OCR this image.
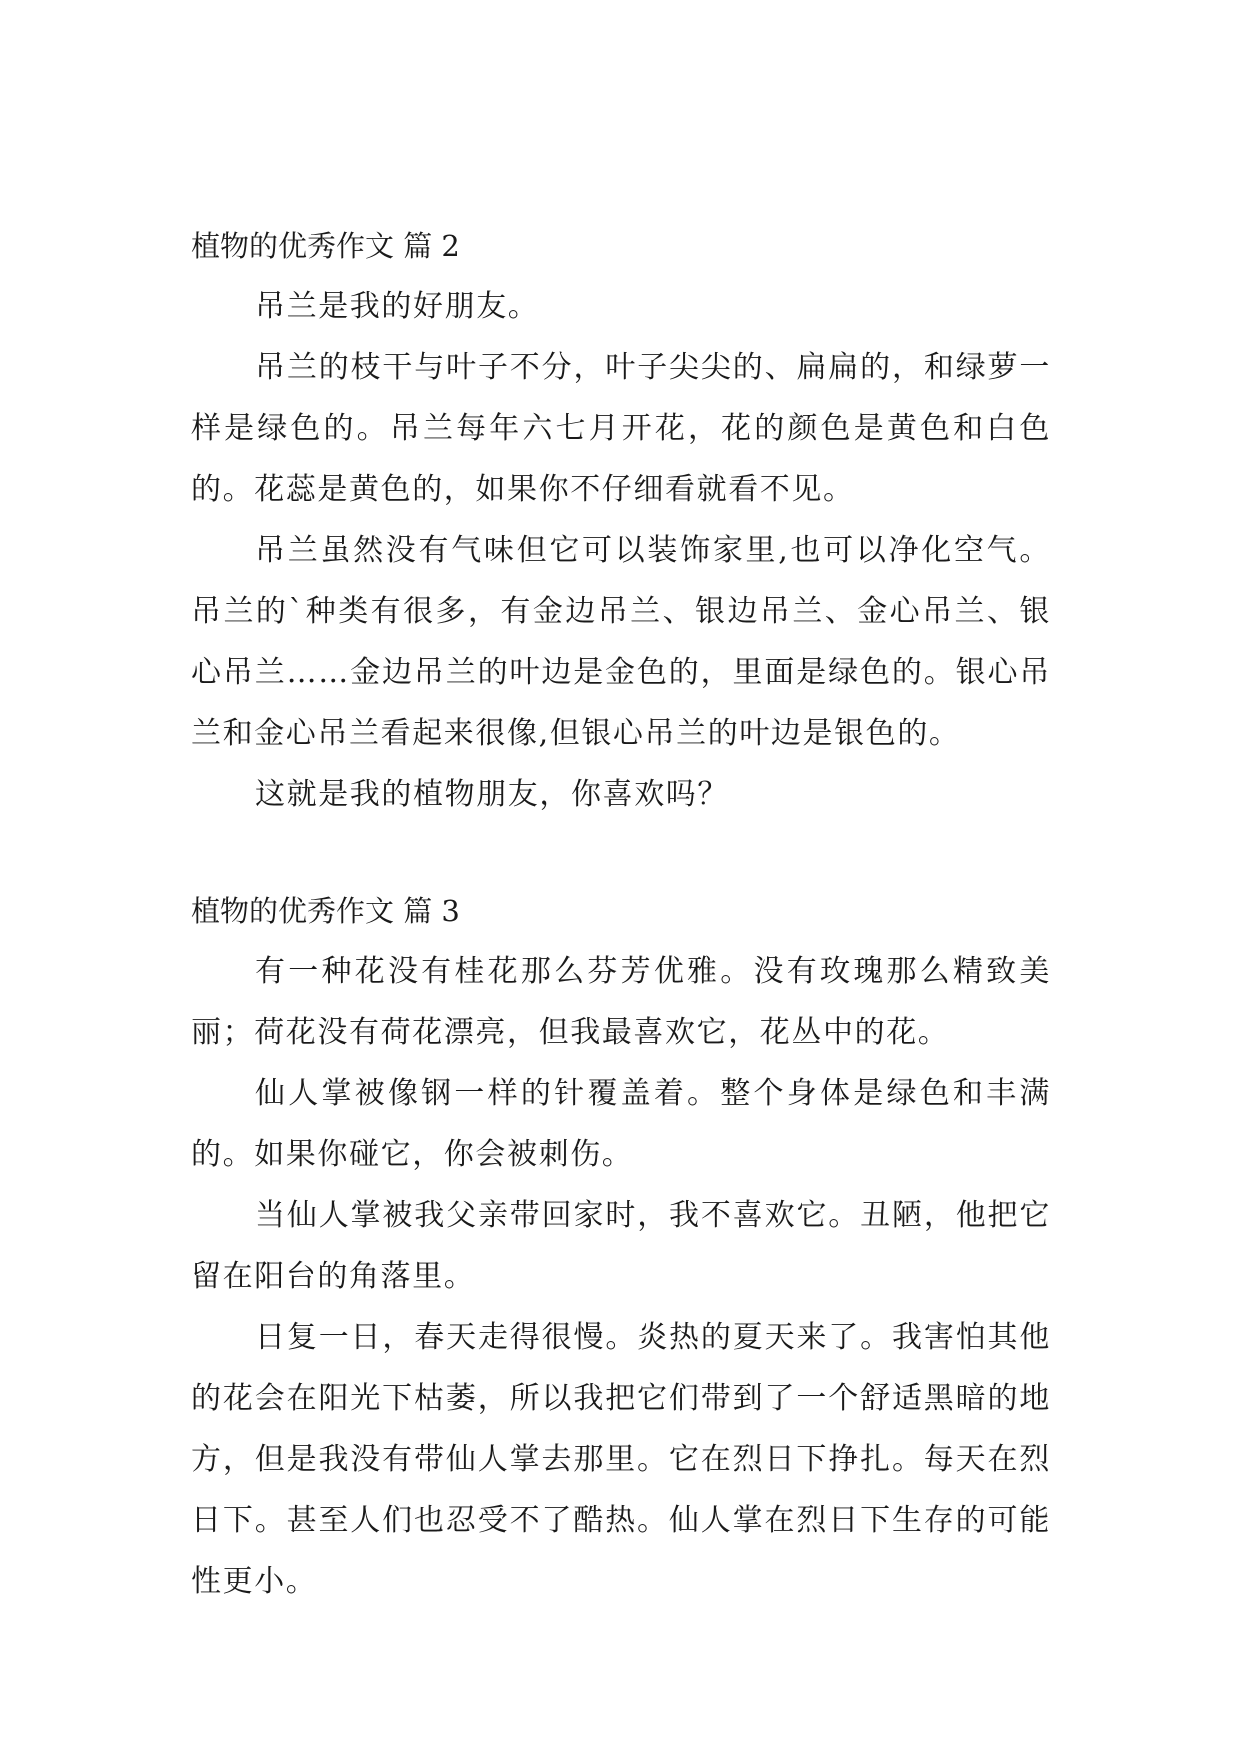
植物的优秀作文 篇 2

吊兰是我的好朋友。

吊兰的枝干与叶子不分，叶子尖尖的、扁扁的，和绿萝一样是绿色的。吊兰每年六七月开花，花的颜色是黄色和白色的。花蕊是黄色的，如果你不仔细看就看不见。

吊兰虽然没有气味但它可以装饰家里,也可以净化空气。吊兰的`种类有很多，有金边吊兰、银边吊兰、金心吊兰、银心吊兰……金边吊兰的叶边是金色的，里面是绿色的。银心吊兰和金心吊兰看起来很像,但银心吊兰的叶边是银色的。

这就是我的植物朋友，你喜欢吗？

植物的优秀作文 篇 3

有一种花没有桂花那么芬芳优雅。没有玫瑰那么精致美丽；荷花没有荷花漂亮，但我最喜欢它，花丛中的花。

仙人掌被像钢一样的针覆盖着。整个身体是绿色和丰满的。如果你碰它，你会被刺伤。

当仙人掌被我父亲带回家时，我不喜欢它。丑陋，他把它留在阳台的角落里。

日复一日，春天走得很慢。炎热的夏天来了。我害怕其他的花会在阳光下枯萎，所以我把它们带到了一个舒适黑暗的地方，但是我没有带仙人掌去那里。它在烈日下挣扎。每天在烈日下。甚至人们也忍受不了酷热。仙人掌在烈日下生存的可能性更小。
